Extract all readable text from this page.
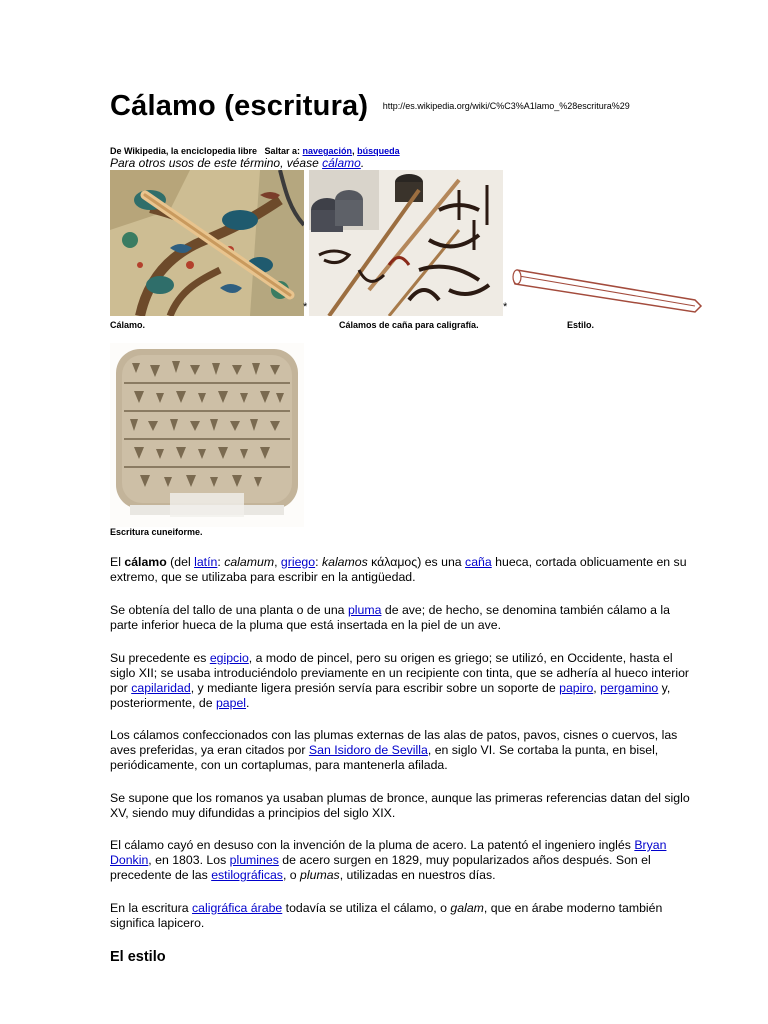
Cálamo (escritura) $^{http://es.wikipedia.org/wiki/C\%C3\%A1lamo\_\%28escritura\%29}$
De Wikipedia, la enciclopedia libre Saltar a: navegación, búsqueda
Para otros usos de este término, véase cálamo.
*	*
Cálamo.	Cálamos de caña para caligrafía.	Estilo.
Escritura cuneiforme.

El cálamo (del latín: calamum, griego: kalamos κάλαμος) es una caña hueca, cortada oblicuamente en su extremo, que se utilizaba para escribir en la antigüedad.

Se obtenía del tallo de una planta o de una pluma de ave; de hecho, se denomina también cálamo a la parte inferior hueca de la pluma que está insertada en la piel de un ave.

Su precedente es egipcio, a modo de pincel, pero su origen es griego; se utilizó, en Occidente, hasta el siglo XII; se usaba introduciéndolo previamente en un recipiente con tinta, que se adhería al hueco interior por capilaridad, y mediante ligera presión servía para escribir sobre un soporte de papiro, pergamino y, posteriormente, de papel.

Los cálamos confeccionados con las plumas externas de las alas de patos, pavos, cisnes o cuervos, las aves preferidas, ya eran citados por San Isidoro de Sevilla, en siglo VI. Se cortaba la punta, en bisel, periódicamente, con un cortaplumas, para mantenerla afilada.

Se supone que los romanos ya usaban plumas de bronce, aunque las primeras referencias datan del siglo XV, siendo muy difundidas a principios del siglo XIX.

El cálamo cayó en desuso con la invención de la pluma de acero. La patentó el ingeniero inglés Bryan Donkin, en 1803. Los plumines de acero surgen en 1829, muy popularizados años después. Son el precedente de las estilográficas, o plumas, utilizadas en nuestros días.

En la escritura caligráfica árabe todavía se utiliza el cálamo, o galam, que en árabe moderno también significa lapicero.

El estilo
